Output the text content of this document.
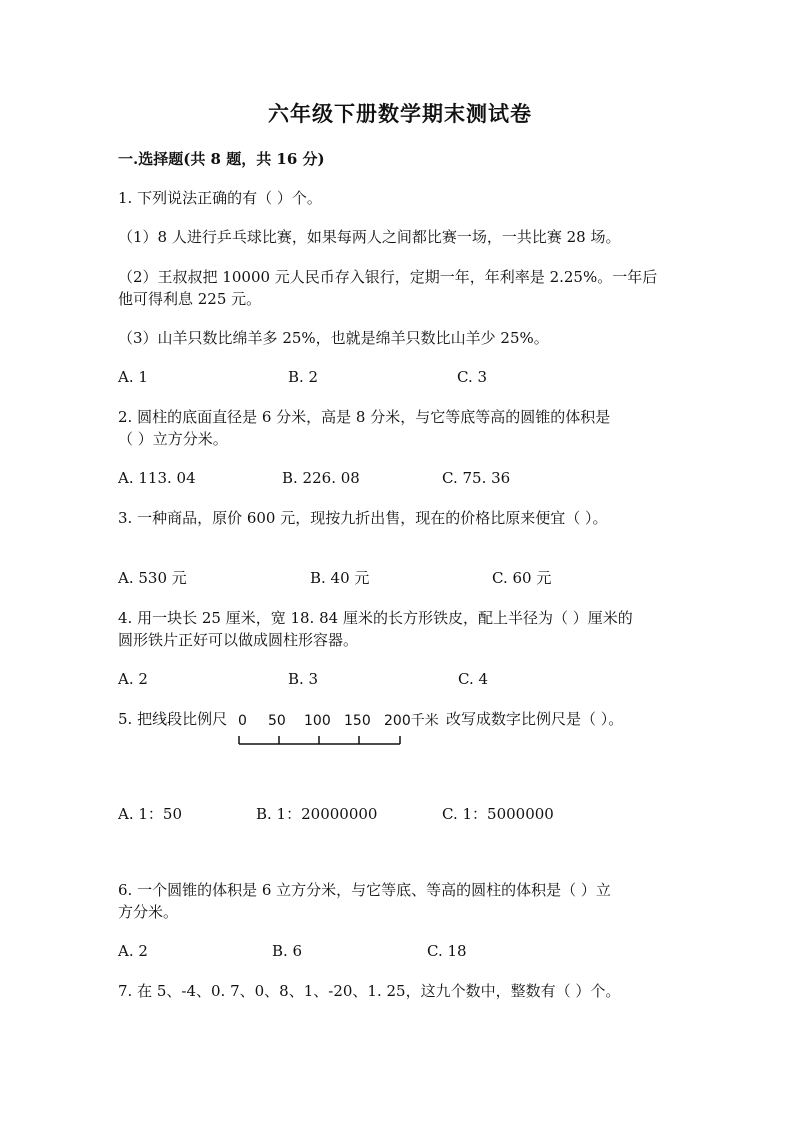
六年级下册数学期末测试卷
一.选择题(共 8 题，共 16 分)
1. 下列说法正确的有（ ）个。
（1）8 人进行乒乓球比赛，如果每两人之间都比赛一场，一共比赛 28 场。
（2）王叔叔把 10000 元人民币存入银行，定期一年，年利率是 2.25%。一年后
他可得利息 225 元。
（3）山羊只数比绵羊多 25%，也就是绵羊只数比山羊少 25%。
A. 1	B. 2	C. 3
2. 圆柱的底面直径是 6 分米，高是 8 分米，与它等底等高的圆锥的体积是
（ ）立方分米。
A. 113. 04	B. 226. 08	C. 75. 36
3. 一种商品，原价 600 元，现按九折出售，现在的价格比原来便宜（ ）。
A. 530 元	B. 40 元	C. 60 元
4. 用一块长 25 厘米，宽 18. 84 厘米的长方形铁皮，配上半径为（ ）厘米的
圆形铁片正好可以做成圆柱形容器。
A. 2	B. 3	C. 4
5. 把线段比例尺 0 50 100 150 200千米 改写成数字比例尺是（ ）。
A. 1：50	B. 1：20000000	C. 1：5000000
6. 一个圆锥的体积是 6 立方分米，与它等底、等高的圆柱的体积是（ ）立
方分米。
A. 2	B. 6	C. 18
7. 在 5、-4、0. 7、0、8、1、-20、1. 25，这九个数中，整数有（ ）个。
